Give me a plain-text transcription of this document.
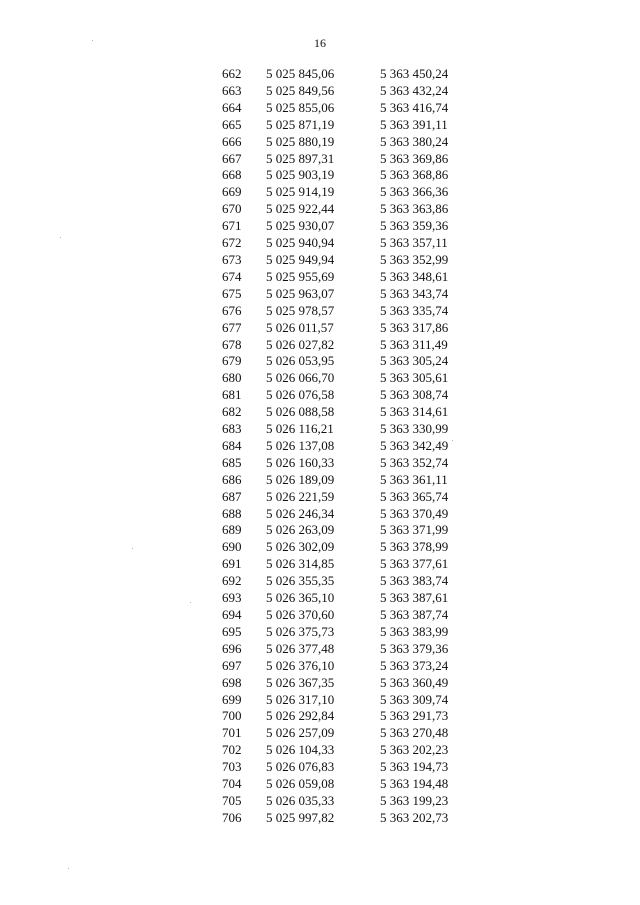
16
662	5 025 845,06	5 363 450,24
663	5 025 849,56	5 363 432,24
664	5 025 855,06	5 363 416,74
665	5 025 871,19	5 363 391,11
666	5 025 880,19	5 363 380,24
667	5 025 897,31	5 363 369,86
668	5 025 903,19	5 363 368,86
669	5 025 914,19	5 363 366,36
670	5 025 922,44	5 363 363,86
671	5 025 930,07	5 363 359,36
672	5 025 940,94	5 363 357,11
673	5 025 949,94	5 363 352,99
674	5 025 955,69	5 363 348,61
675	5 025 963,07	5 363 343,74
676	5 025 978,57	5 363 335,74
677	5 026 011,57	5 363 317,86
678	5 026 027,82	5 363 311,49
679	5 026 053,95	5 363 305,24
680	5 026 066,70	5 363 305,61
681	5 026 076,58	5 363 308,74
682	5 026 088,58	5 363 314,61
683	5 026 116,21	5 363 330,99
684	5 026 137,08	5 363 342,49
685	5 026 160,33	5 363 352,74
686	5 026 189,09	5 363 361,11
687	5 026 221,59	5 363 365,74
688	5 026 246,34	5 363 370,49
689	5 026 263,09	5 363 371,99
690	5 026 302,09	5 363 378,99
691	5 026 314,85	5 363 377,61
692	5 026 355,35	5 363 383,74
693	5 026 365,10	5 363 387,61
694	5 026 370,60	5 363 387,74
695	5 026 375,73	5 363 383,99
696	5 026 377,48	5 363 379,36
697	5 026 376,10	5 363 373,24
698	5 026 367,35	5 363 360,49
699	5 026 317,10	5 363 309,74
700	5 026 292,84	5 363 291,73
701	5 026 257,09	5 363 270,48
702	5 026 104,33	5 363 202,23
703	5 026 076,83	5 363 194,73
704	5 026 059,08	5 363 194,48
705	5 026 035,33	5 363 199,23
706	5 025 997,82	5 363 202,73
